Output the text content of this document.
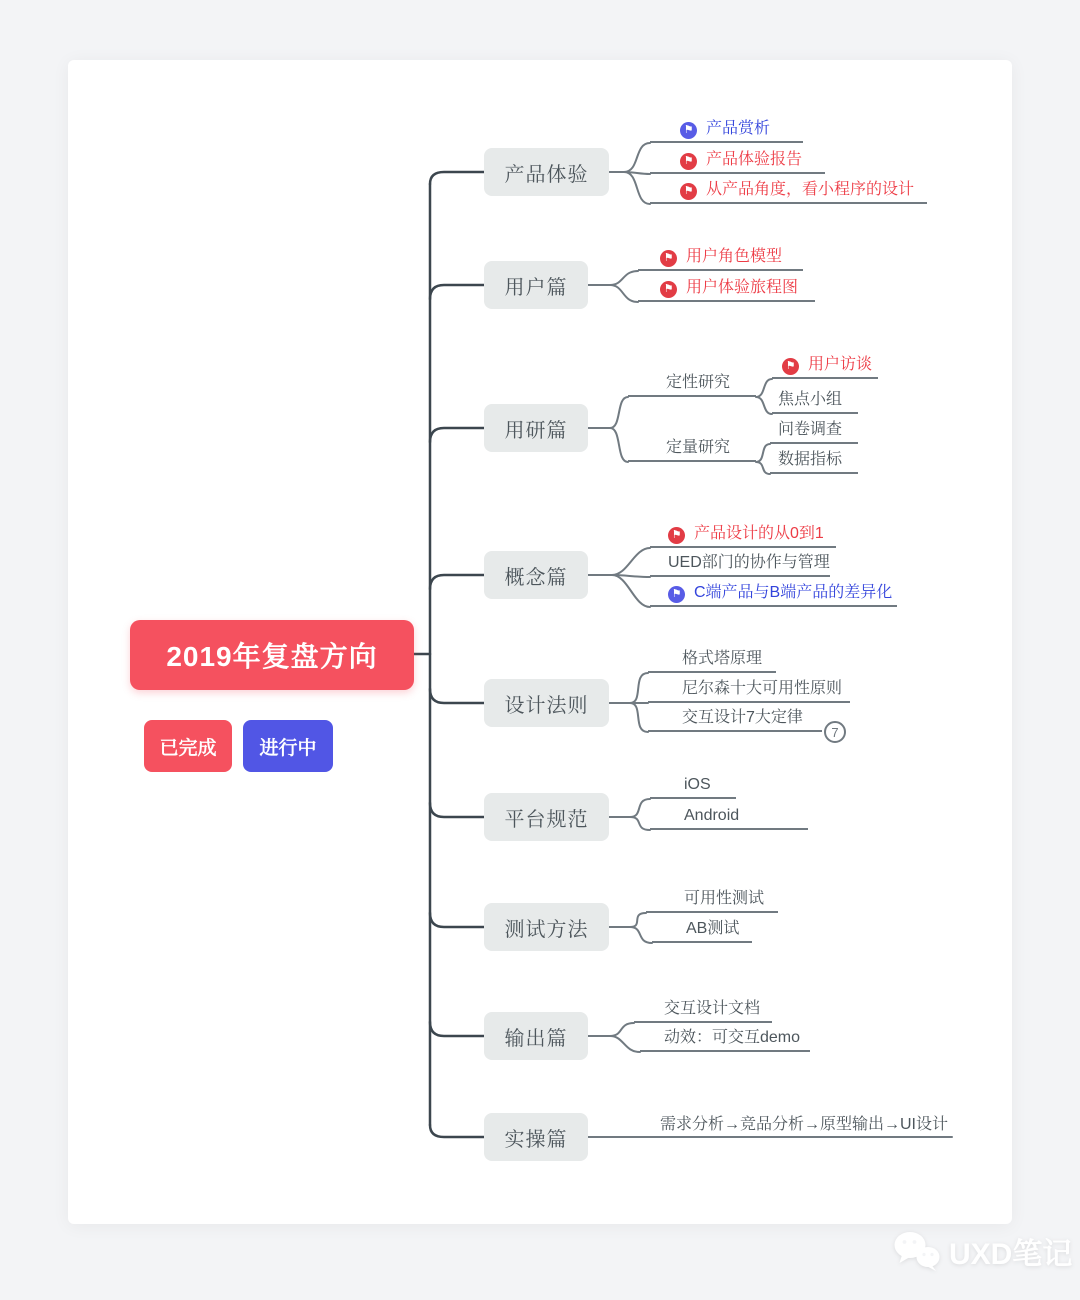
2019年复盘方向
已完成 进行中
产品体验
用户篇
用研篇
概念篇
设计法则
平台规范
测试方法
输出篇
实操篇
⚑ 产品赏析
⚑ 产品体验报告
⚑ 从产品角度，看小程序的设计
⚑ 用户角色模型
⚑ 用户体验旅程图
定性研究
⚑ 用户访谈
焦点小组
定量研究
问卷调查
数据指标
⚑ 产品设计的从0到1
UED部门的协作与管理
⚑ C端产品与B端产品的差异化
格式塔原理
尼尔森十大可用性原则
交互设计7大定律
7
iOS
Android
可用性测试
AB测试
交互设计文档
动效：可交互demo
需求分析→竞品分析→原型输出→UI设计
UXD笔记
